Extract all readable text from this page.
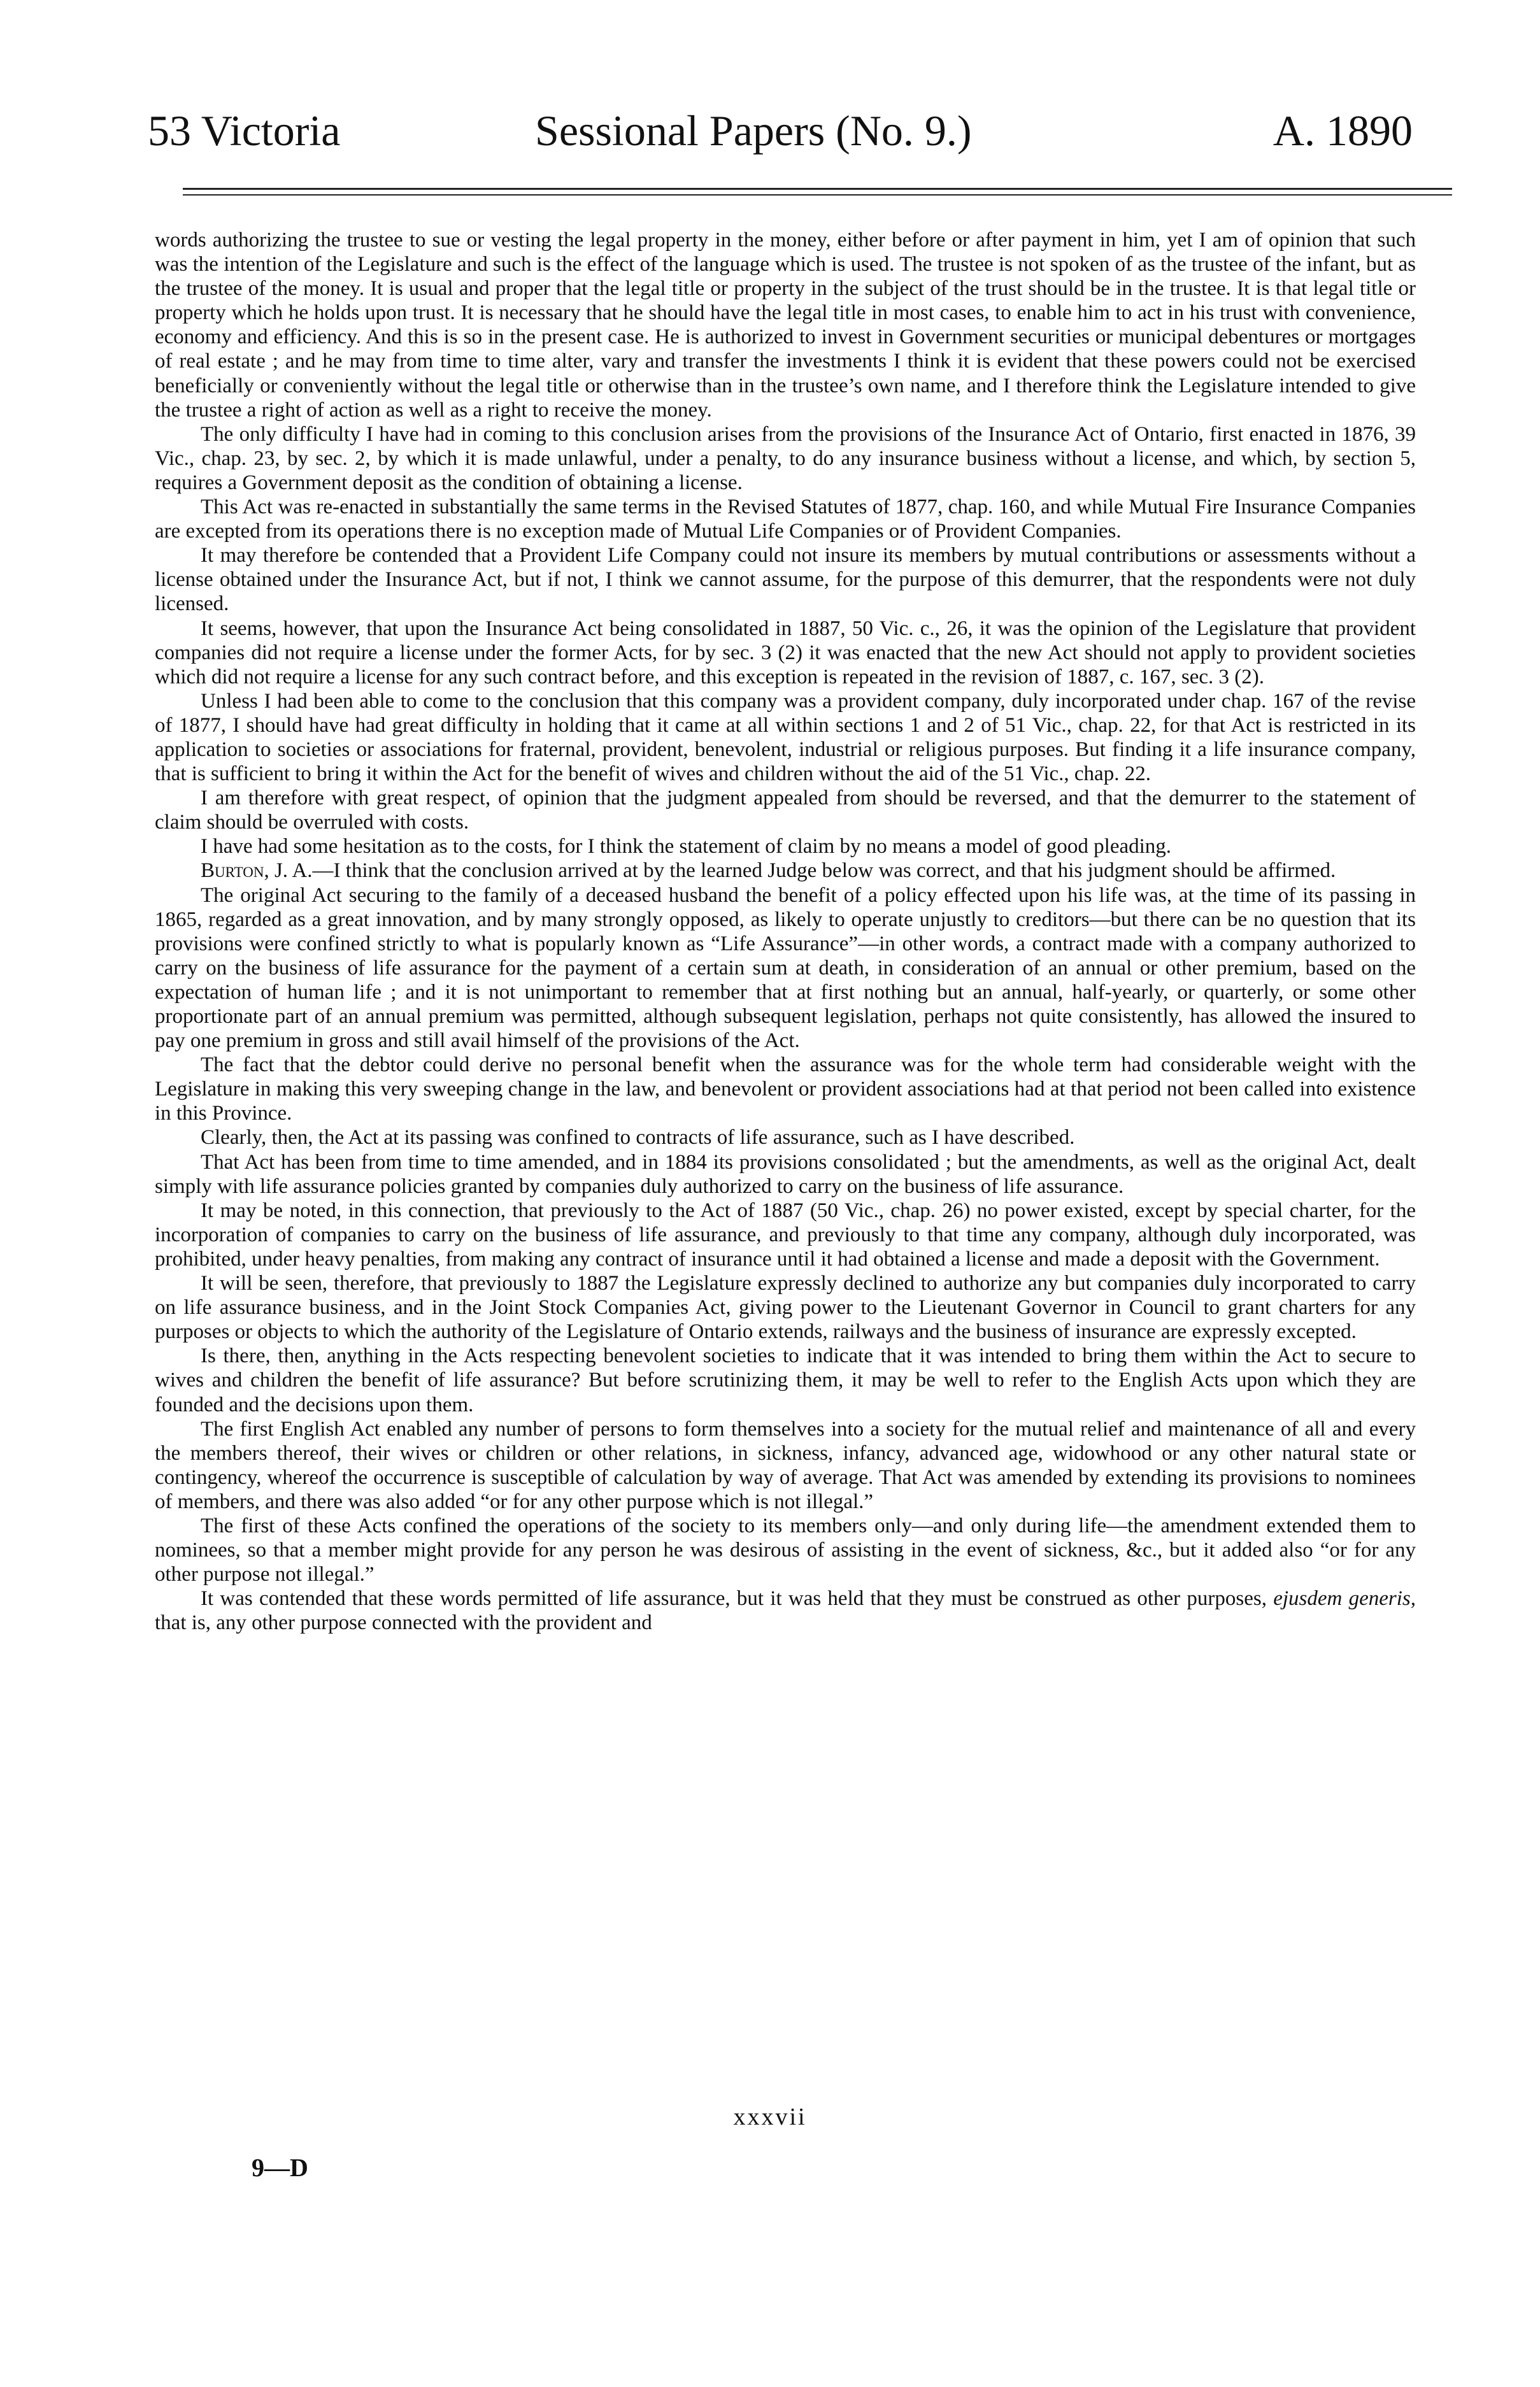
53 Victoria	Sessional Papers (No. 9.)	A. 1890

words authorizing the trustee to sue or vesting the legal property in the money, either before or after payment in him, yet I am of opinion that such was the intention of the Legislature and such is the effect of the language which is used. The trustee is not spoken of as the trustee of the infant, but as the trustee of the money. It is usual and proper that the legal title or property in the subject of the trust should be in the trustee. It is that legal title or property which he holds upon trust. It is necessary that he should have the legal title in most cases, to enable him to act in his trust with convenience, economy and efficiency. And this is so in the present case. He is authorized to invest in Government securities or municipal debentures or mortgages of real estate ; and he may from time to time alter, vary and transfer the investments I think it is evident that these powers could not be exercised beneficially or conveniently without the legal title or otherwise than in the trustee’s own name, and I therefore think the Legislature intended to give the trustee a right of action as well as a right to receive the money.

The only difficulty I have had in coming to this conclusion arises from the provisions of the Insurance Act of Ontario, first enacted in 1876, 39 Vic., chap. 23, by sec. 2, by which it is made unlawful, under a penalty, to do any insurance business without a license, and which, by section 5, requires a Government deposit as the condition of obtaining a license.

This Act was re-enacted in substantially the same terms in the Revised Statutes of 1877, chap. 160, and while Mutual Fire Insurance Companies are excepted from its operations there is no exception made of Mutual Life Companies or of Provident Companies.

It may therefore be contended that a Provident Life Company could not insure its members by mutual contributions or assessments without a license obtained under the Insurance Act, but if not, I think we cannot assume, for the purpose of this demurrer, that the respondents were not duly licensed.

It seems, however, that upon the Insurance Act being consolidated in 1887, 50 Vic. c., 26, it was the opinion of the Legislature that provident companies did not require a license under the former Acts, for by sec. 3 (2) it was enacted that the new Act should not apply to provident societies which did not require a license for any such contract before, and this exception is repeated in the revision of 1887, c. 167, sec. 3 (2).

Unless I had been able to come to the conclusion that this company was a provident company, duly incorporated under chap. 167 of the revise of 1877, I should have had great difficulty in holding that it came at all within sections 1 and 2 of 51 Vic., chap. 22, for that Act is restricted in its application to societies or associations for fraternal, provident, benevolent, industrial or religious purposes. But finding it a life insurance company, that is sufficient to bring it within the Act for the benefit of wives and children without the aid of the 51 Vic., chap. 22.

I am therefore with great respect, of opinion that the judgment appealed from should be reversed, and that the demurrer to the statement of claim should be overruled with costs.

I have had some hesitation as to the costs, for I think the statement of claim by no means a model of good pleading.

Burton, J. A.—I think that the conclusion arrived at by the learned Judge below was correct, and that his judgment should be affirmed.

The original Act securing to the family of a deceased husband the benefit of a policy effected upon his life was, at the time of its passing in 1865, regarded as a great innovation, and by many strongly opposed, as likely to operate unjustly to creditors—but there can be no question that its provisions were confined strictly to what is popularly known as “Life Assurance”—in other words, a contract made with a company authorized to carry on the business of life assurance for the payment of a certain sum at death, in consideration of an annual or other premium, based on the expectation of human life ; and it is not unimportant to remember that at first nothing but an annual, half-yearly, or quarterly, or some other proportionate part of an annual premium was permitted, although subsequent legislation, perhaps not quite consistently, has allowed the insured to pay one premium in gross and still avail himself of the provisions of the Act.

The fact that the debtor could derive no personal benefit when the assurance was for the whole term had considerable weight with the Legislature in making this very sweeping change in the law, and benevolent or provident associations had at that period not been called into existence in this Province.

Clearly, then, the Act at its passing was confined to contracts of life assurance, such as I have described.

That Act has been from time to time amended, and in 1884 its provisions consolidated ; but the amendments, as well as the original Act, dealt simply with life assurance policies granted by companies duly authorized to carry on the business of life assurance.

It may be noted, in this connection, that previously to the Act of 1887 (50 Vic., chap. 26) no power existed, except by special charter, for the incorporation of companies to carry on the business of life assurance, and previously to that time any company, although duly incorporated, was prohibited, under heavy penalties, from making any contract of insurance until it had obtained a license and made a deposit with the Government.

It will be seen, therefore, that previously to 1887 the Legislature expressly declined to authorize any but companies duly incorporated to carry on life assurance business, and in the Joint Stock Companies Act, giving power to the Lieutenant Governor in Council to grant charters for any purposes or objects to which the authority of the Legislature of Ontario extends, railways and the business of insurance are expressly excepted.

Is there, then, anything in the Acts respecting benevolent societies to indicate that it was intended to bring them within the Act to secure to wives and children the benefit of life assurance? But before scrutinizing them, it may be well to refer to the English Acts upon which they are founded and the decisions upon them.

The first English Act enabled any number of persons to form themselves into a society for the mutual relief and maintenance of all and every the members thereof, their wives or children or other relations, in sickness, infancy, advanced age, widowhood or any other natural state or contingency, whereof the occurrence is susceptible of calculation by way of average. That Act was amended by extending its provisions to nominees of members, and there was also added “or for any other purpose which is not illegal.”

The first of these Acts confined the operations of the society to its members only—and only during life—the amendment extended them to nominees, so that a member might provide for any person he was desirous of assisting in the event of sickness, &c., but it added also “or for any other purpose not illegal.”

It was contended that these words permitted of life assurance, but it was held that they must be construed as other purposes, ejusdem generis, that is, any other purpose connected with the provident and

xxxvii
9—D
